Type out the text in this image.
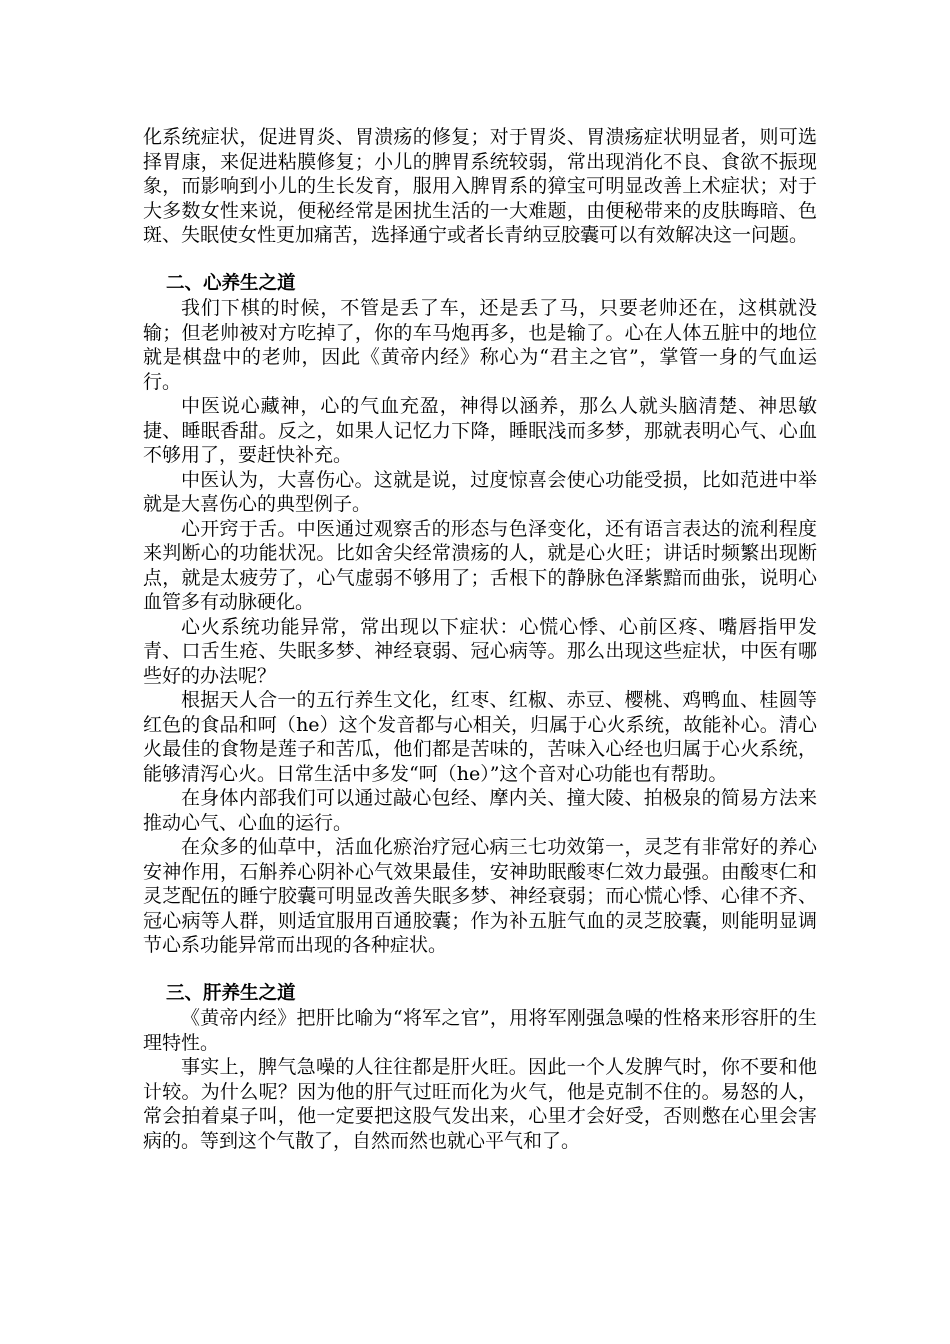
化系统症状，促进胃炎、胃溃疡的修复；对于胃炎、胃溃疡症状明显者，则可选择胃康，来促进粘膜修复；小儿的脾胃系统较弱，常出现消化不良、食欲不振现象，而影响到小儿的生长发育，服用入脾胃系的獐宝可明显改善上术症状；对于大多数女性来说，便秘经常是困扰生活的一大难题，由便秘带来的皮肤晦暗、色斑、失眠使女性更加痛苦，选择通宁或者长青纳豆胶囊可以有效解决这一问题。

二、心养生之道

我们下棋的时候，不管是丢了车，还是丢了马，只要老帅还在，这棋就没输；但老帅被对方吃掉了，你的车马炮再多，也是输了。心在人体五脏中的地位就是棋盘中的老帅，因此《黄帝内经》称心为“君主之官”，掌管一身的气血运行。

中医说心藏神，心的气血充盈，神得以涵养，那么人就头脑清楚、神思敏捷、睡眠香甜。反之，如果人记忆力下降，睡眠浅而多梦，那就表明心气、心血不够用了，要赶快补充。

中医认为，大喜伤心。这就是说，过度惊喜会使心功能受损，比如范进中举就是大喜伤心的典型例子。

心开窍于舌。中医通过观察舌的形态与色泽变化，还有语言表达的流利程度来判断心的功能状况。比如舍尖经常溃疡的人，就是心火旺；讲话时频繁出现断点，就是太疲劳了，心气虚弱不够用了；舌根下的静脉色泽紫黯而曲张，说明心血管多有动脉硬化。

心火系统功能异常，常出现以下症状：心慌心悸、心前区疼、嘴唇指甲发青、口舌生疮、失眠多梦、神经衰弱、冠心病等。那么出现这些症状，中医有哪些好的办法呢？

根据天人合一的五行养生文化，红枣、红椒、赤豆、樱桃、鸡鸭血、桂圆等红色的食品和呵（he）这个发音都与心相关，归属于心火系统，故能补心。清心火最佳的食物是莲子和苦瓜，他们都是苦味的，苦味入心经也归属于心火系统，能够清泻心火。日常生活中多发“呵（he）”这个音对心功能也有帮助。

在身体内部我们可以通过敲心包经、摩内关、撞大陵、拍极泉的简易方法来推动心气、心血的运行。

在众多的仙草中，活血化瘀治疗冠心病三七功效第一，灵芝有非常好的养心安神作用，石斛养心阴补心气效果最佳，安神助眠酸枣仁效力最强。由酸枣仁和灵芝配伍的睡宁胶囊可明显改善失眠多梦、神经衰弱；而心慌心悸、心律不齐、冠心病等人群，则适宜服用百通胶囊；作为补五脏气血的灵芝胶囊，则能明显调节心系功能异常而出现的各种症状。

三、肝养生之道

《黄帝内经》把肝比喻为“将军之官”，用将军刚强急噪的性格来形容肝的生理特性。

事实上，脾气急噪的人往往都是肝火旺。因此一个人发脾气时，你不要和他计较。为什么呢？因为他的肝气过旺而化为火气，他是克制不住的。易怒的人，常会拍着桌子叫，他一定要把这股气发出来，心里才会好受，否则憋在心里会害病的。等到这个气散了，自然而然也就心平气和了。
